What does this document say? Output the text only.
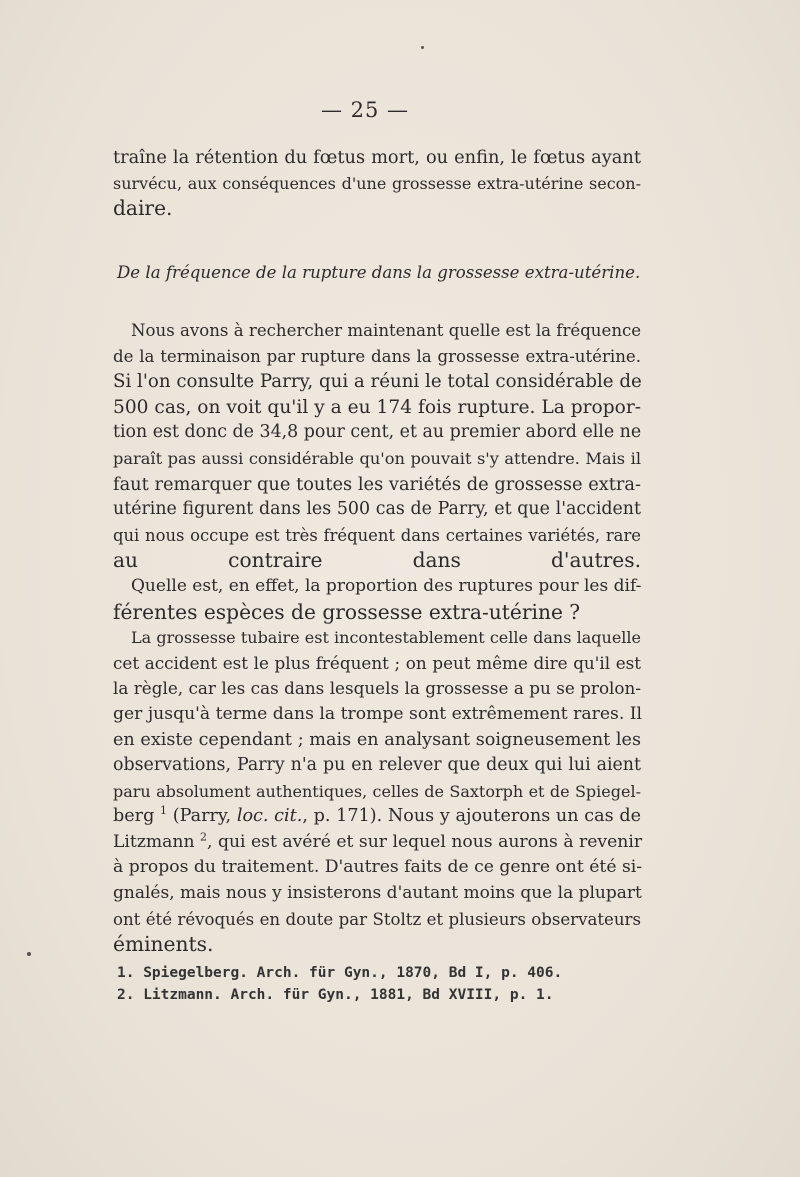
— 25 —
traîne la rétention du fœtus mort, ou enfin, le fœtus ayant
survécu, aux conséquences d'une grossesse extra-utérine secon-
daire.
De la fréquence de la rupture dans la grossesse extra-utérine.
Nous avons à rechercher maintenant quelle est la fréquence
de la terminaison par rupture dans la grossesse extra-utérine.
Si l'on consulte Parry, qui a réuni le total considérable de
500 cas, on voit qu'il y a eu 174 fois rupture. La propor-
tion est donc de 34,8 pour cent, et au premier abord elle ne
paraît pas aussi considérable qu'on pouvait s'y attendre. Mais il
faut remarquer que toutes les variétés de grossesse extra-
utérine figurent dans les 500 cas de Parry, et que l'accident
qui nous occupe est très fréquent dans certaines variétés, rare
au contraire dans d'autres.
Quelle est, en effet, la proportion des ruptures pour les dif-
férentes espèces de grossesse extra-utérine ?
La grossesse tubaire est incontestablement celle dans laquelle
cet accident est le plus fréquent ; on peut même dire qu'il est
la règle, car les cas dans lesquels la grossesse a pu se prolon-
ger jusqu'à terme dans la trompe sont extrêmement rares. Il
en existe cependant ; mais en analysant soigneusement les
observations, Parry n'a pu en relever que deux qui lui aient
paru absolument authentiques, celles de Saxtorph et de Spiegel-
berg $^1$ (Parry, loc. cit., p. 171). Nous y ajouterons un cas de
Litzmann $^2$, qui est avéré et sur lequel nous aurons à revenir
à propos du traitement. D'autres faits de ce genre ont été si-
gnalés, mais nous y insisterons d'autant moins que la plupart
ont été révoqués en doute par Stoltz et plusieurs observateurs
éminents.
1. Spiegelberg. Arch. für Gyn., 1870, Bd I, p. 406.
2. Litzmann. Arch. für Gyn., 1881, Bd XVIII, p. 1.
